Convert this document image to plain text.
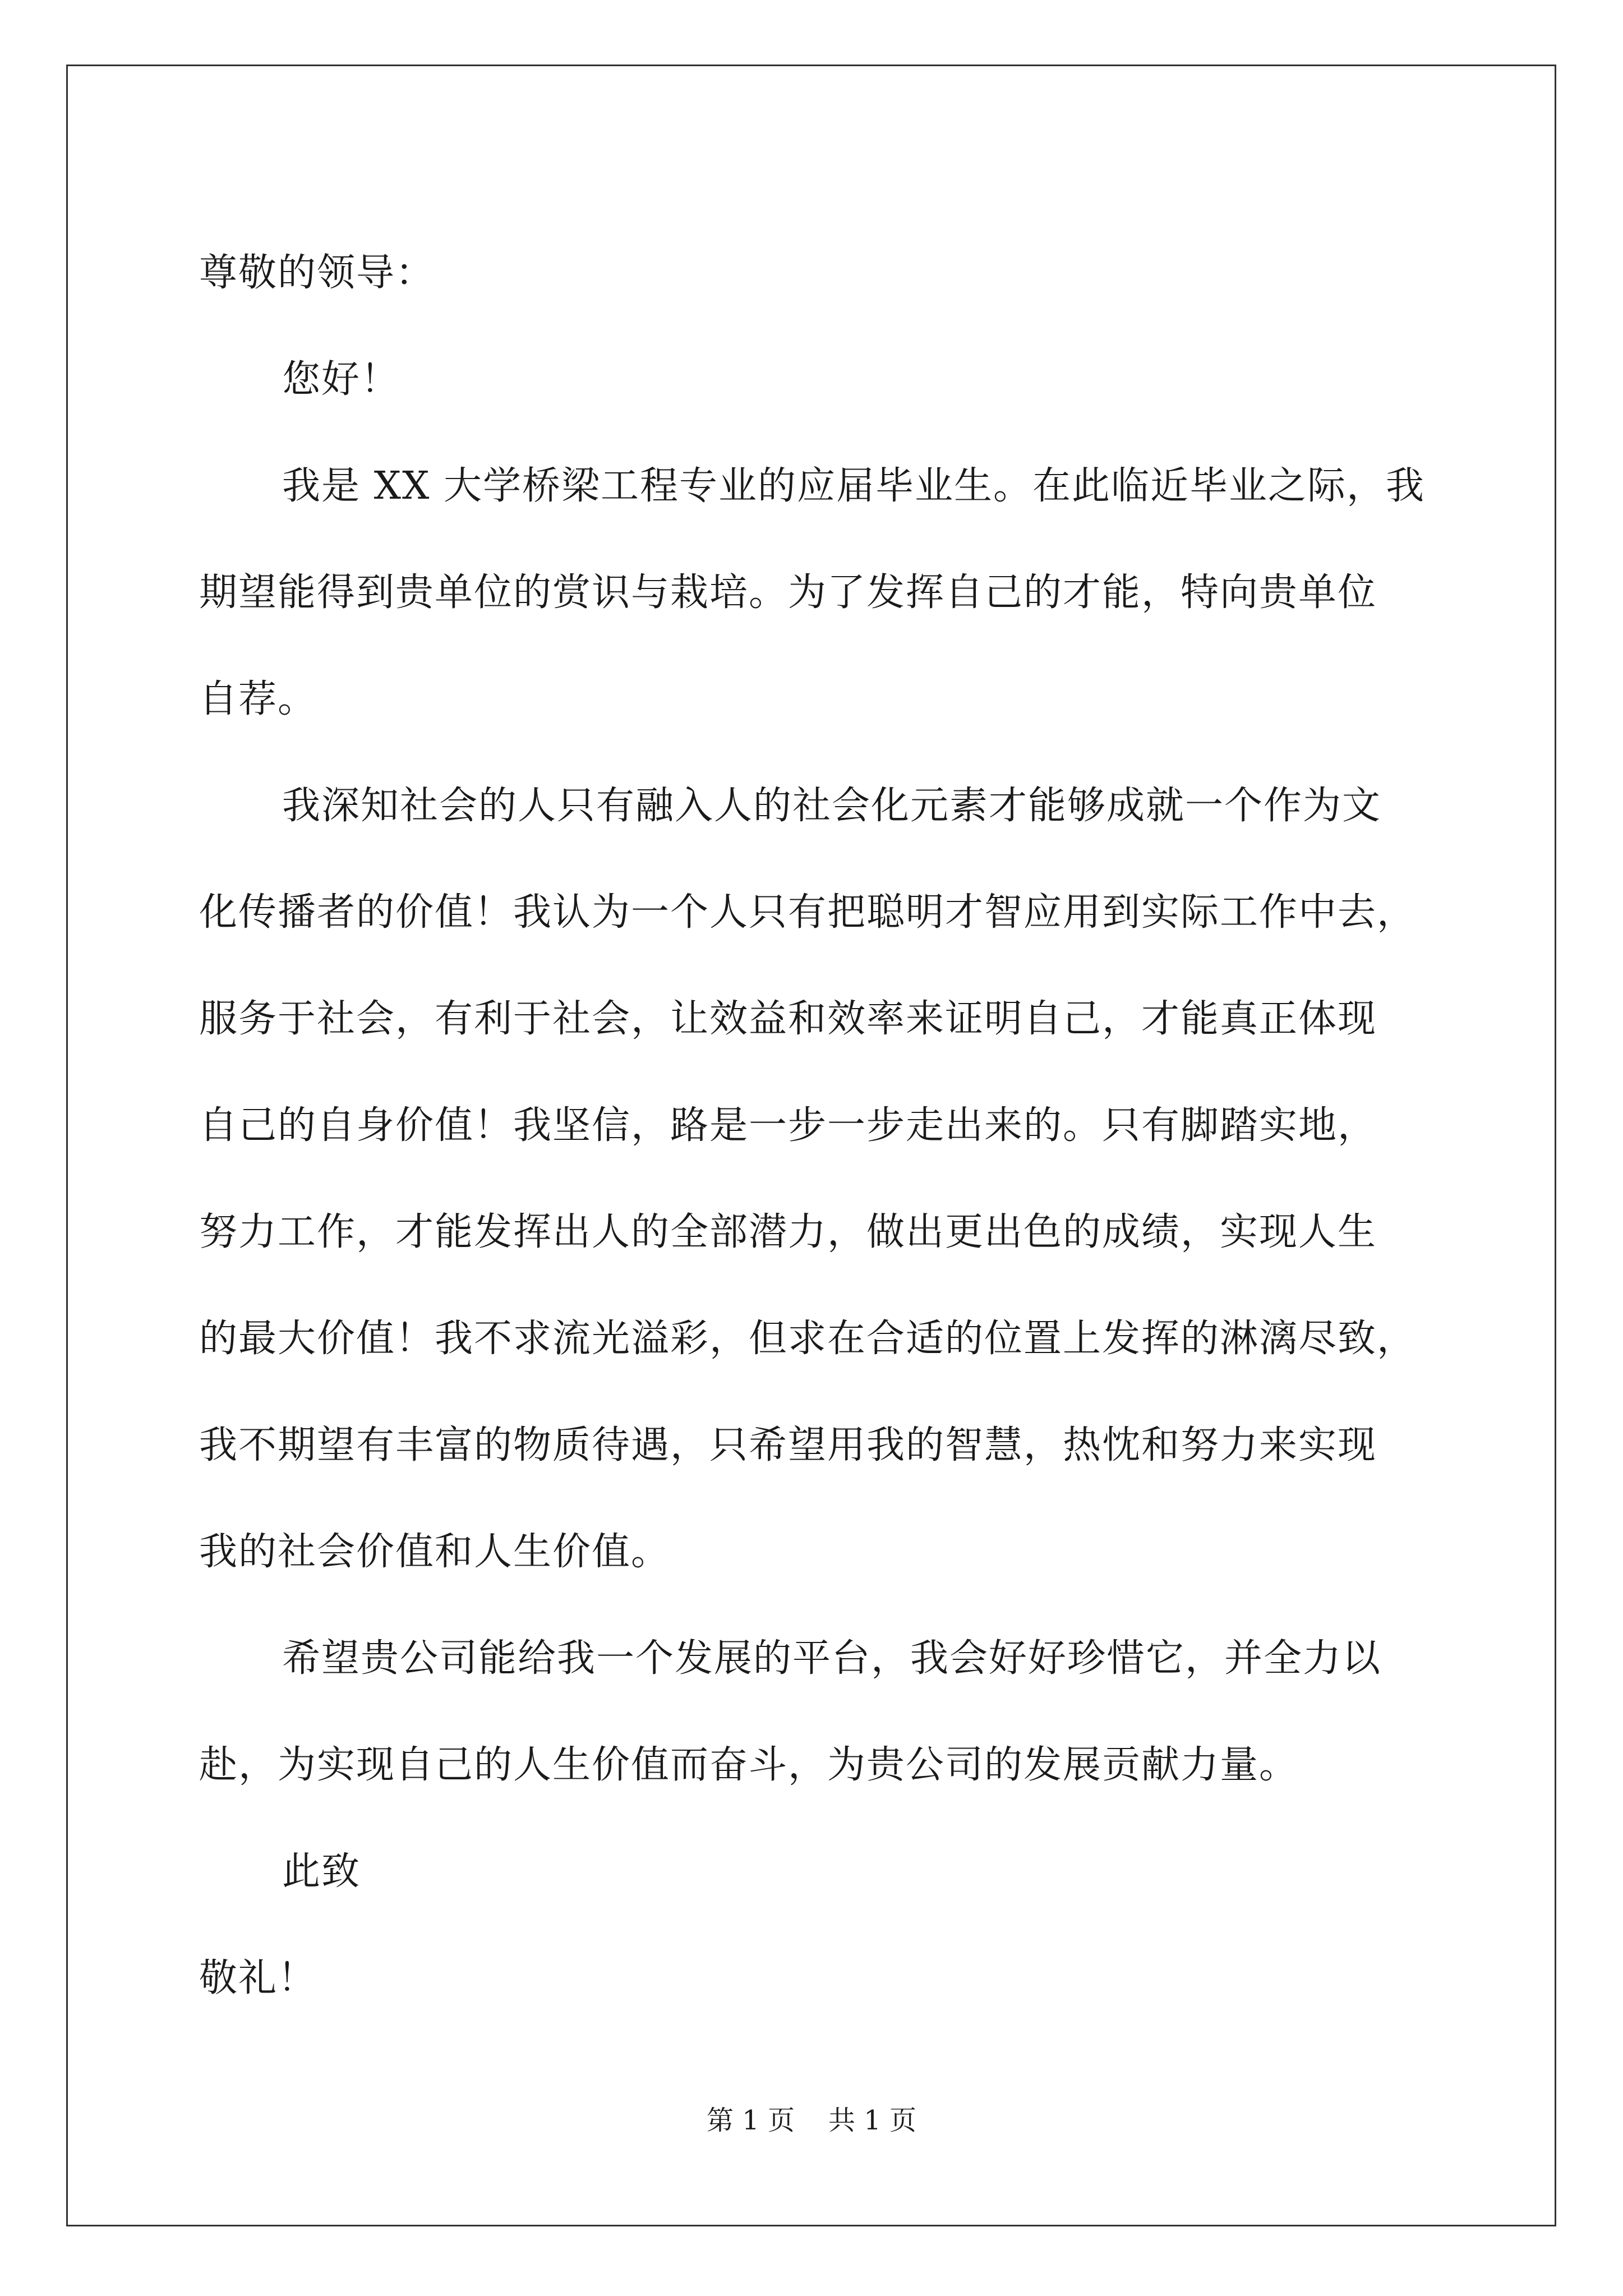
尊敬的领导：
您好！
我是 XX 大学桥梁工程专业的应届毕业生。在此临近毕业之际，我
期望能得到贵单位的赏识与栽培。为了发挥自己的才能，特向贵单位
自荐。
我深知社会的人只有融入人的社会化元素才能够成就一个作为文
化传播者的价值！我认为一个人只有把聪明才智应用到实际工作中去，
服务于社会，有利于社会，让效益和效率来证明自己，才能真正体现
自己的自身价值！我坚信，路是一步一步走出来的。只有脚踏实地，
努力工作，才能发挥出人的全部潜力，做出更出色的成绩，实现人生
的最大价值！我不求流光溢彩，但求在合适的位置上发挥的淋漓尽致，
我不期望有丰富的物质待遇，只希望用我的智慧，热忱和努力来实现
我的社会价值和人生价值。
希望贵公司能给我一个发展的平台，我会好好珍惜它，并全力以
赴，为实现自己的人生价值而奋斗，为贵公司的发展贡献力量。
此致
敬礼！
第 1 页 共 1 页
